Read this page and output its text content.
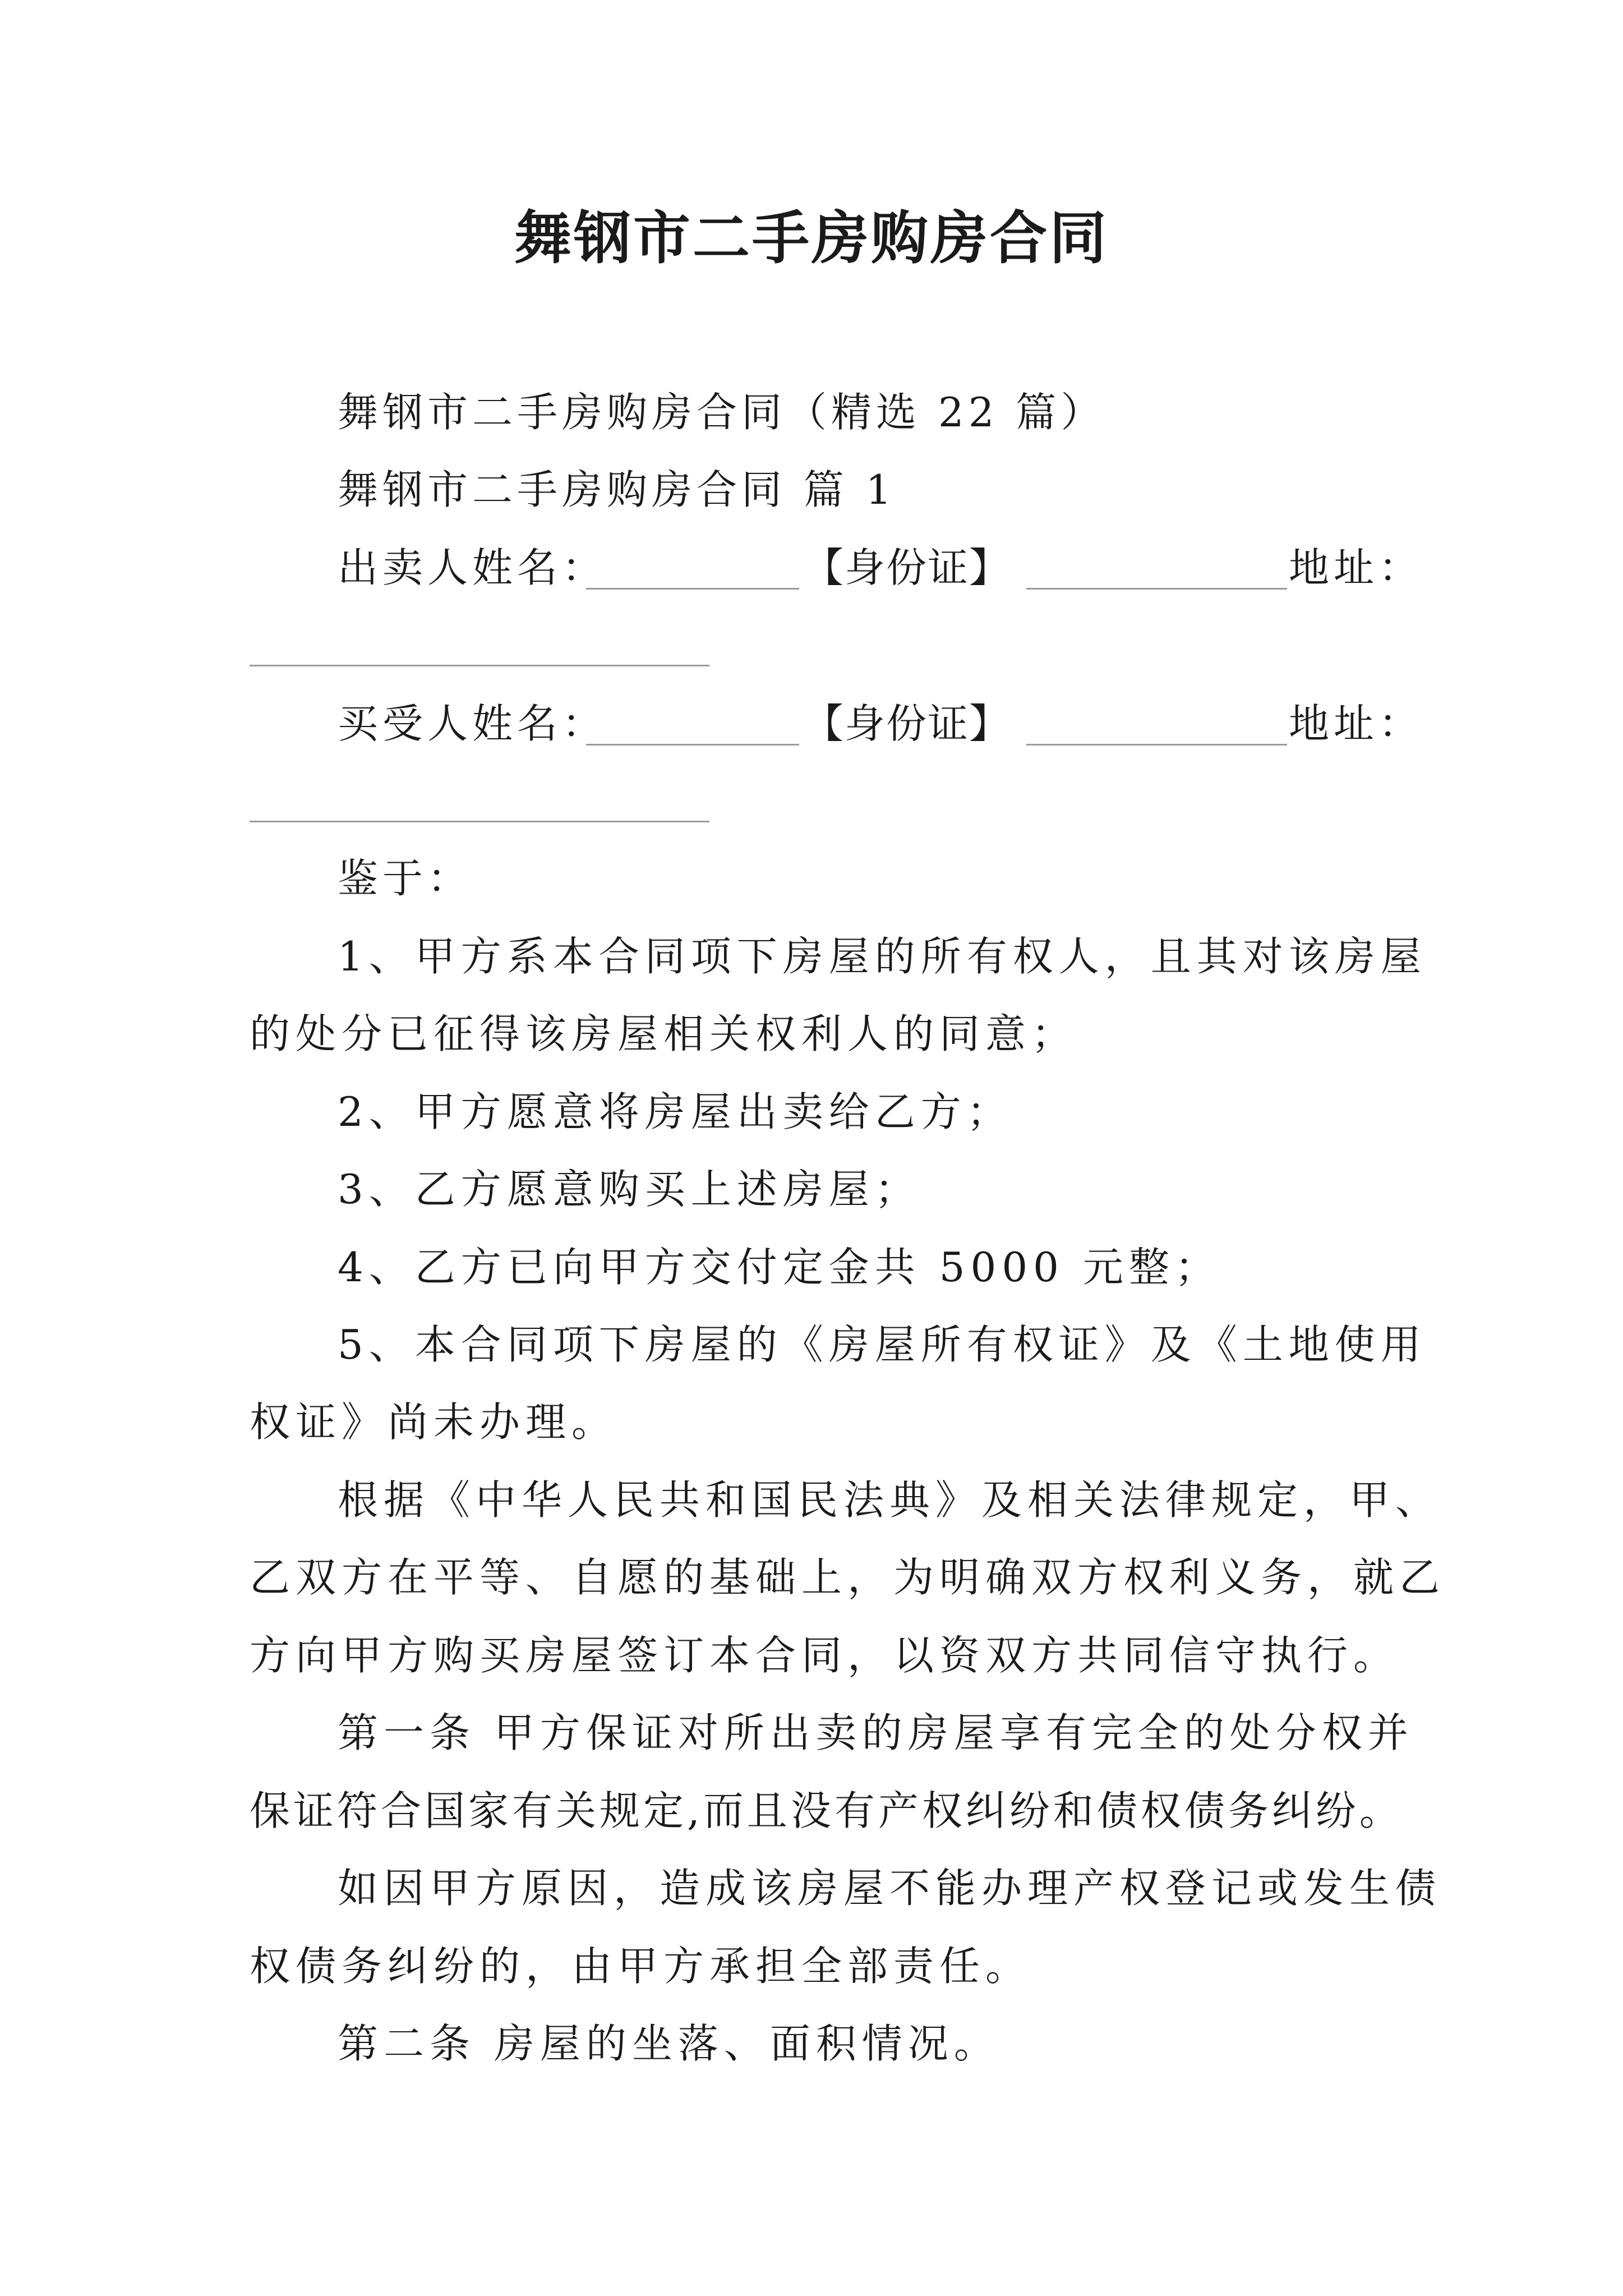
舞钢市二手房购房合同
舞钢市二手房购房合同（精选 22 篇）
舞钢市二手房购房合同 篇 1
出卖人姓名：	【身份证】	地址：
买受人姓名：	【身份证】	地址：
鉴于：
1、甲方系本合同项下房屋的所有权人，且其对该房屋
的处分已征得该房屋相关权利人的同意；
2、甲方愿意将房屋出卖给乙方；
3、乙方愿意购买上述房屋；
4、乙方已向甲方交付定金共 5000 元整；
5、本合同项下房屋的《房屋所有权证》及《土地使用
权证》尚未办理。
根据《中华人民共和国民法典》及相关法律规定，甲、
乙双方在平等、自愿的基础上，为明确双方权利义务，就乙
方向甲方购买房屋签订本合同，以资双方共同信守执行。
第一条 甲方保证对所出卖的房屋享有完全的处分权并
保证符合国家有关规定,而且没有产权纠纷和债权债务纠纷。
如因甲方原因，造成该房屋不能办理产权登记或发生债
权债务纠纷的，由甲方承担全部责任。
第二条 房屋的坐落、面积情况。
